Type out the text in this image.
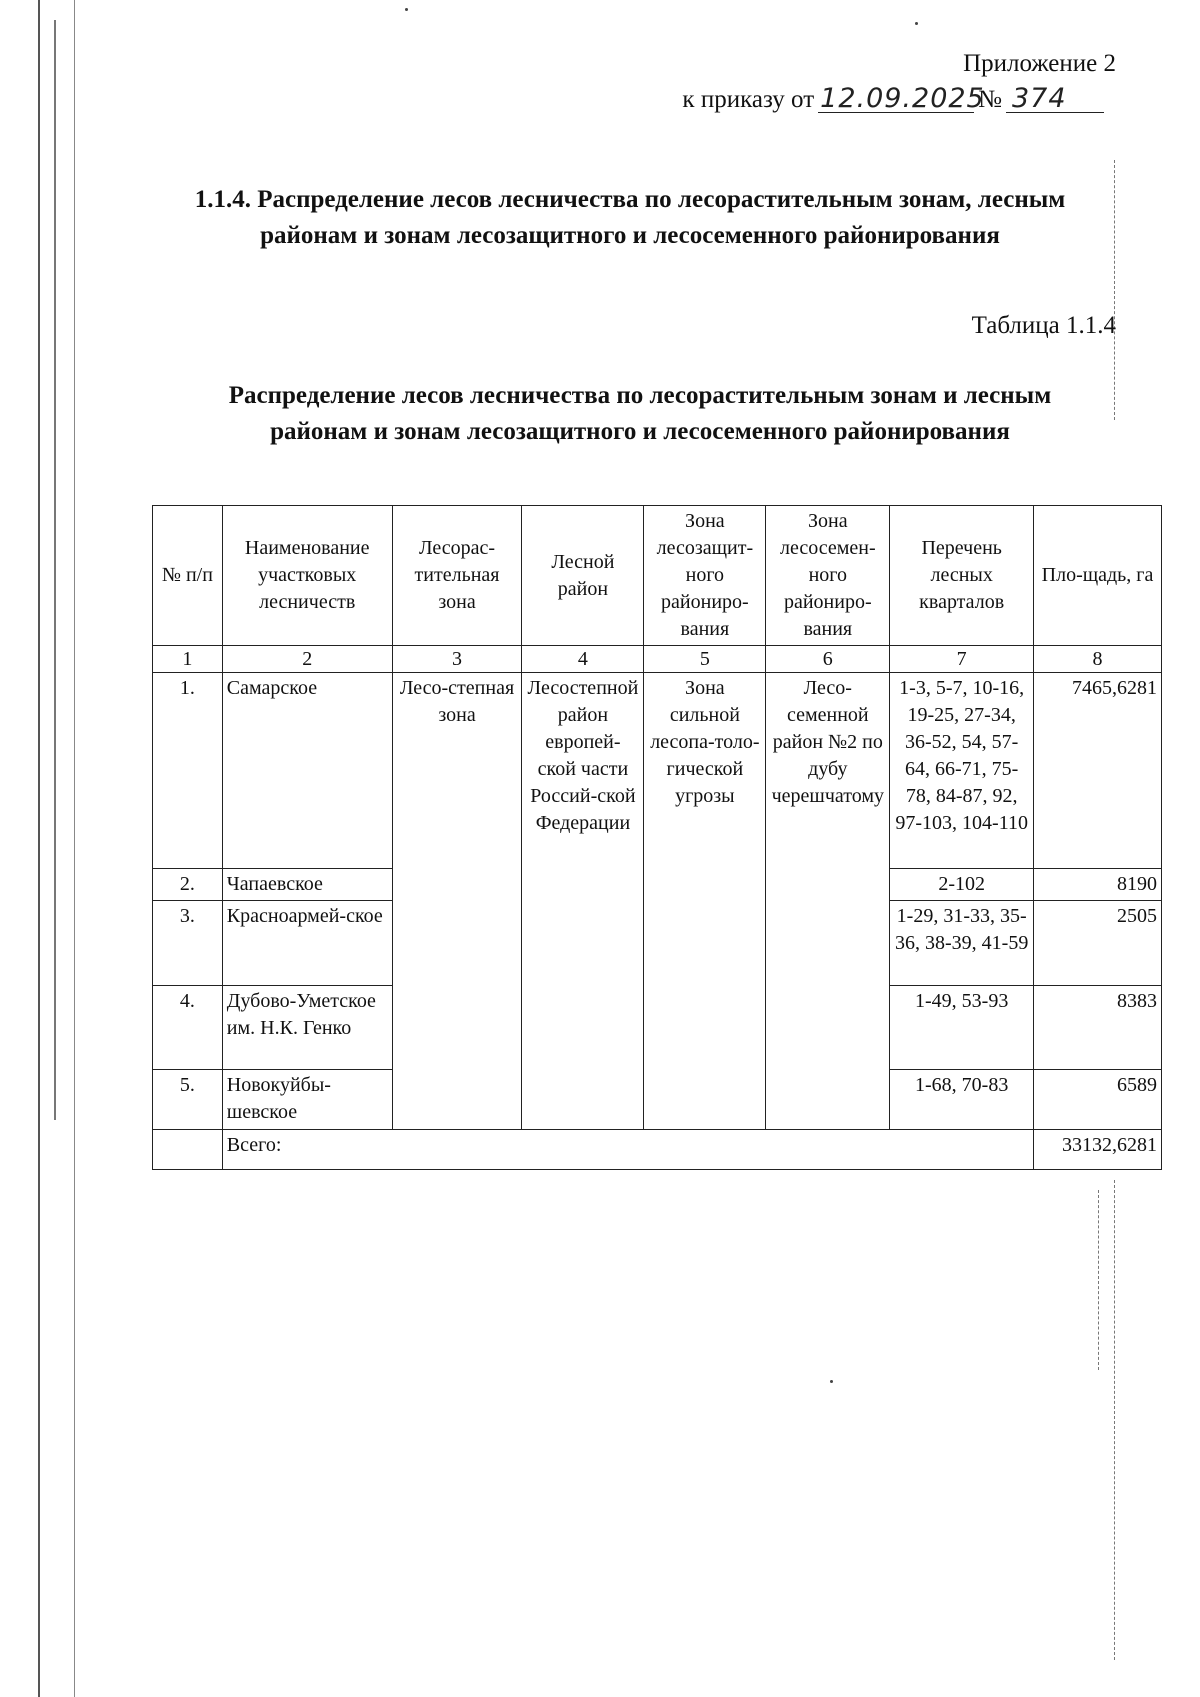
Приложение 2
к приказу от 12.09.2025
№ 374
1.1.4. Распределение лесов лесничества по лесорастительным зонам, лесным районам и зонам лесозащитного и лесосеменного районирования
Таблица 1.1.4
Распределение лесов лесничества по лесорастительным зонам и лесным районам и зонам лесозащитного и лесосеменного районирования
№ п/п	Наименование участковых лесничеств	Лесорас-тительная зона	Лесной район	Зона лесозащит-ного райониро-вания	Зона лесосемен-ного райониро-вания	Перечень лесных кварталов	Пло-щадь, га
1	2	3	4	5	6	7	8
1.	Самарское	Лесо-степная зона	Лесостепной район европей-ской части Россий-ской Федерации	Зона сильной лесопа-толо-гической угрозы	Лесо-семенной район №2 по дубу черешчатому	1-3, 5-7, 10-16, 19-25, 27-34, 36-52, 54, 57-64, 66-71, 75-78, 84-87, 92, 97-103, 104-110	7465,6281
2.	Чапаевское					2-102	8190
3.	Красноармей-ское					1-29, 31-33, 35-36, 38-39, 41-59	2505
4.	Дубово-Уметское им. Н.К. Генко					1-49, 53-93	8383
5.	Новокуйбы-шевское					1-68, 70-83	6589
	Всего:						33132,6281
